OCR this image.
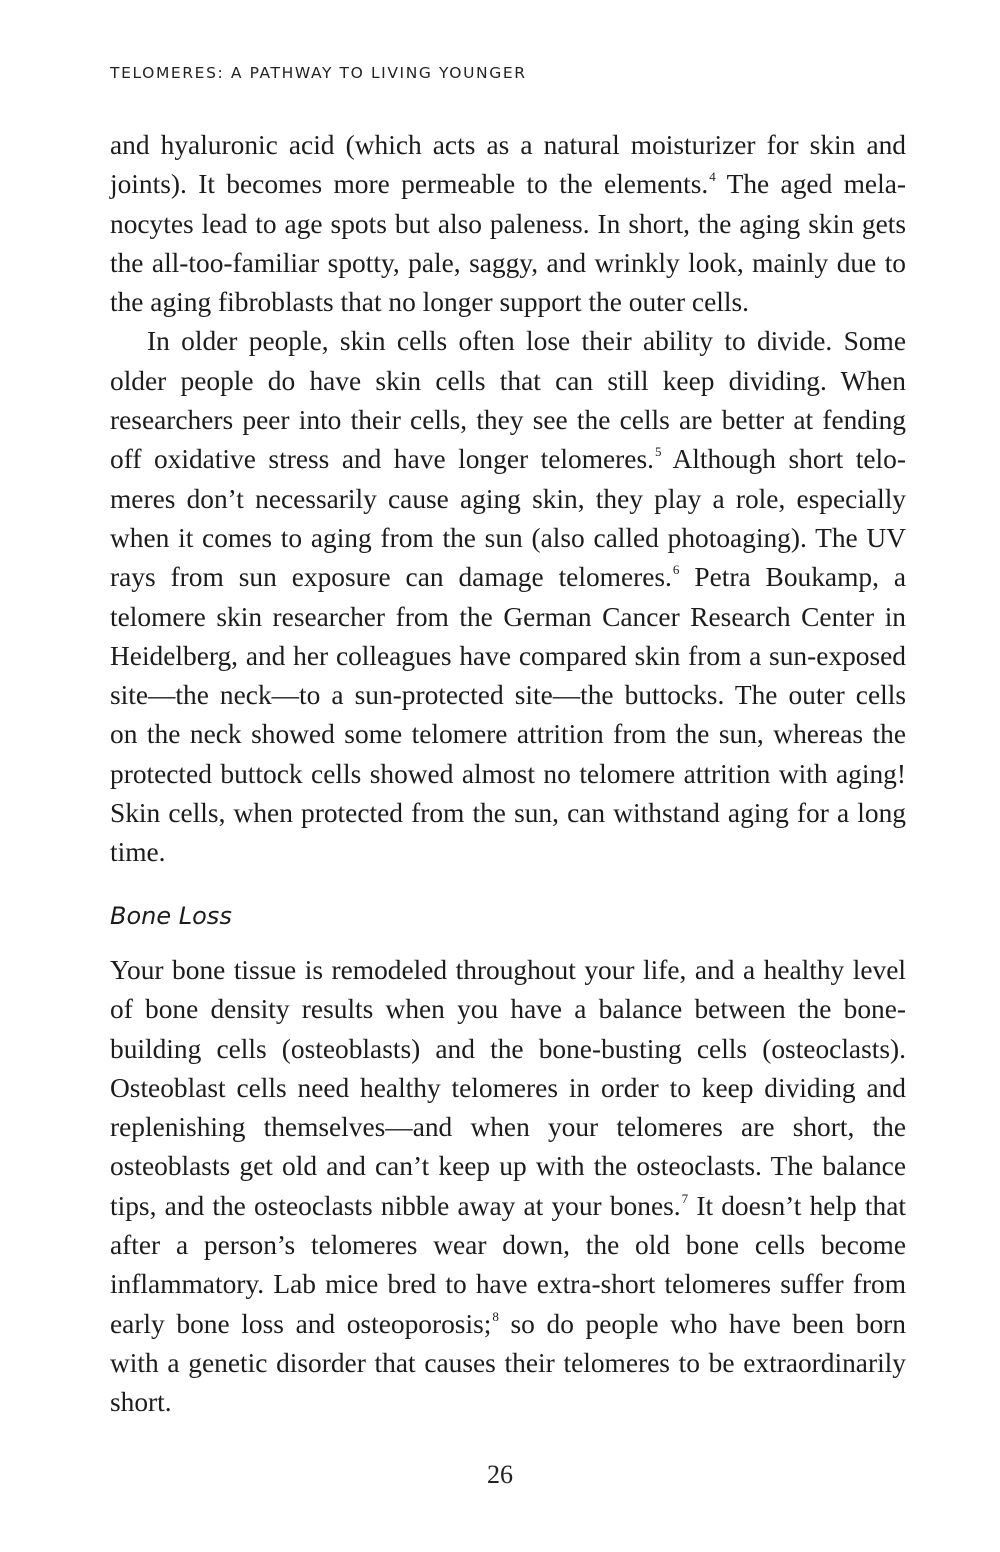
TELOMERES: A PATHWAY TO LIVING YOUNGER

and hyaluronic acid (which acts as a natural moisturizer for skin and joints). It becomes more permeable to the elements.$^4$ The aged melanocytes lead to age spots but also paleness. In short, the aging skin gets the all-too-familiar spotty, pale, saggy, and wrinkly look, mainly due to the aging fibroblasts that no longer support the outer cells.

In older people, skin cells often lose their ability to divide. Some older people do have skin cells that can still keep dividing. When researchers peer into their cells, they see the cells are better at fending off oxidative stress and have longer telomeres.$^5$ Although short telomeres don’t necessarily cause aging skin, they play a role, especially when it comes to aging from the sun (also called photoaging). The UV rays from sun exposure can damage telomeres.$^6$ Petra Boukamp, a telomere skin researcher from the German Cancer Research Center in Heidelberg, and her colleagues have compared skin from a sun-exposed site—the neck—to a sun-protected site—the buttocks. The outer cells on the neck showed some telomere attrition from the sun, whereas the protected buttock cells showed almost no telomere attrition with aging! Skin cells, when protected from the sun, can withstand aging for a long time.

Bone Loss

Your bone tissue is remodeled throughout your life, and a healthy level of bone density results when you have a balance between the bone-building cells (osteoblasts) and the bone-busting cells (osteoclasts). Osteoblast cells need healthy telomeres in order to keep dividing and replenishing themselves—and when your telomeres are short, the osteoblasts get old and can’t keep up with the osteoclasts. The balance tips, and the osteoclasts nibble away at your bones.$^7$ It doesn’t help that after a person’s telomeres wear down, the old bone cells become inflammatory. Lab mice bred to have extra-short telomeres suffer from early bone loss and osteoporosis;$^8$ so do people who have been born with a genetic disorder that causes their telomeres to be extraordinarily short.

26
